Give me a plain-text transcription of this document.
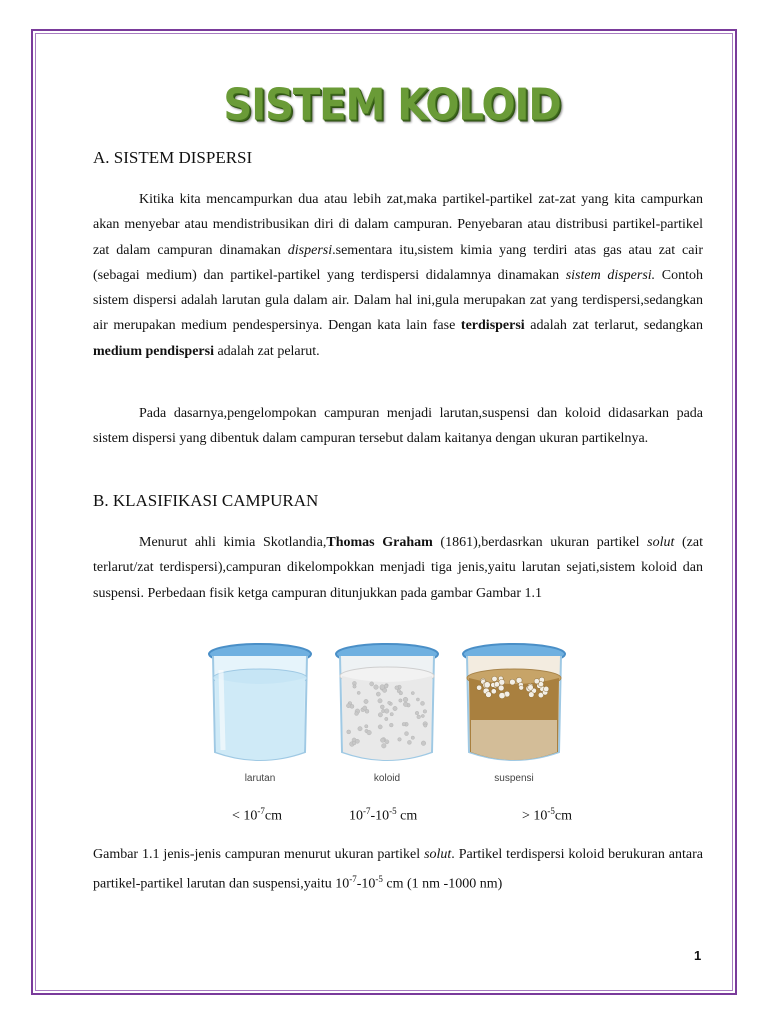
SISTEM KOLOID
A. SISTEM DISPERSI
Kitika kita mencampurkan dua atau lebih zat,maka partikel-partikel zat-zat yang kita campurkan akan menyebar atau mendistribusikan diri di dalam campuran. Penyebaran atau distribusi partikel-partikel zat dalam campuran dinamakan dispersi.sementara itu,sistem kimia yang terdiri atas gas atau zat cair (sebagai medium) dan partikel-partikel yang terdispersi didalamnya dinamakan sistem dispersi. Contoh sistem dispersi adalah larutan gula dalam air. Dalam hal ini,gula merupakan zat yang terdispersi,sedangkan air merupakan medium pendespersinya. Dengan kata lain fase terdispersi adalah zat terlarut, sedangkan medium pendispersi adalah zat pelarut.
Pada dasarnya,pengelompokan campuran menjadi larutan,suspensi dan koloid didasarkan pada sistem dispersi yang dibentuk dalam campuran tersebut dalam kaitanya dengan ukuran partikelnya.
B. KLASIFIKASI CAMPURAN
Menurut ahli kimia Skotlandia,Thomas Graham (1861),berdasrkan ukuran partikel solut (zat terlarut/zat terdispersi),campuran dikelompokkan menjadi tiga jenis,yaitu larutan sejati,sistem koloid dan suspensi. Perbedaan fisik ketga campuran ditunjukkan pada gambar Gambar 1.1
larutan	koloid	suspensi
< $10^{-7}cm$	$10^{-7}-10^{-5}$ cm	> $10^{-5}cm$
Gambar 1.1 jenis-jenis campuran menurut ukuran partikel solut. Partikel terdispersi koloid berukuran antara partikel-partikel larutan dan suspensi,yaitu $10^{-7}-10^{-5}$ cm (1 nm -1000 nm)
1
